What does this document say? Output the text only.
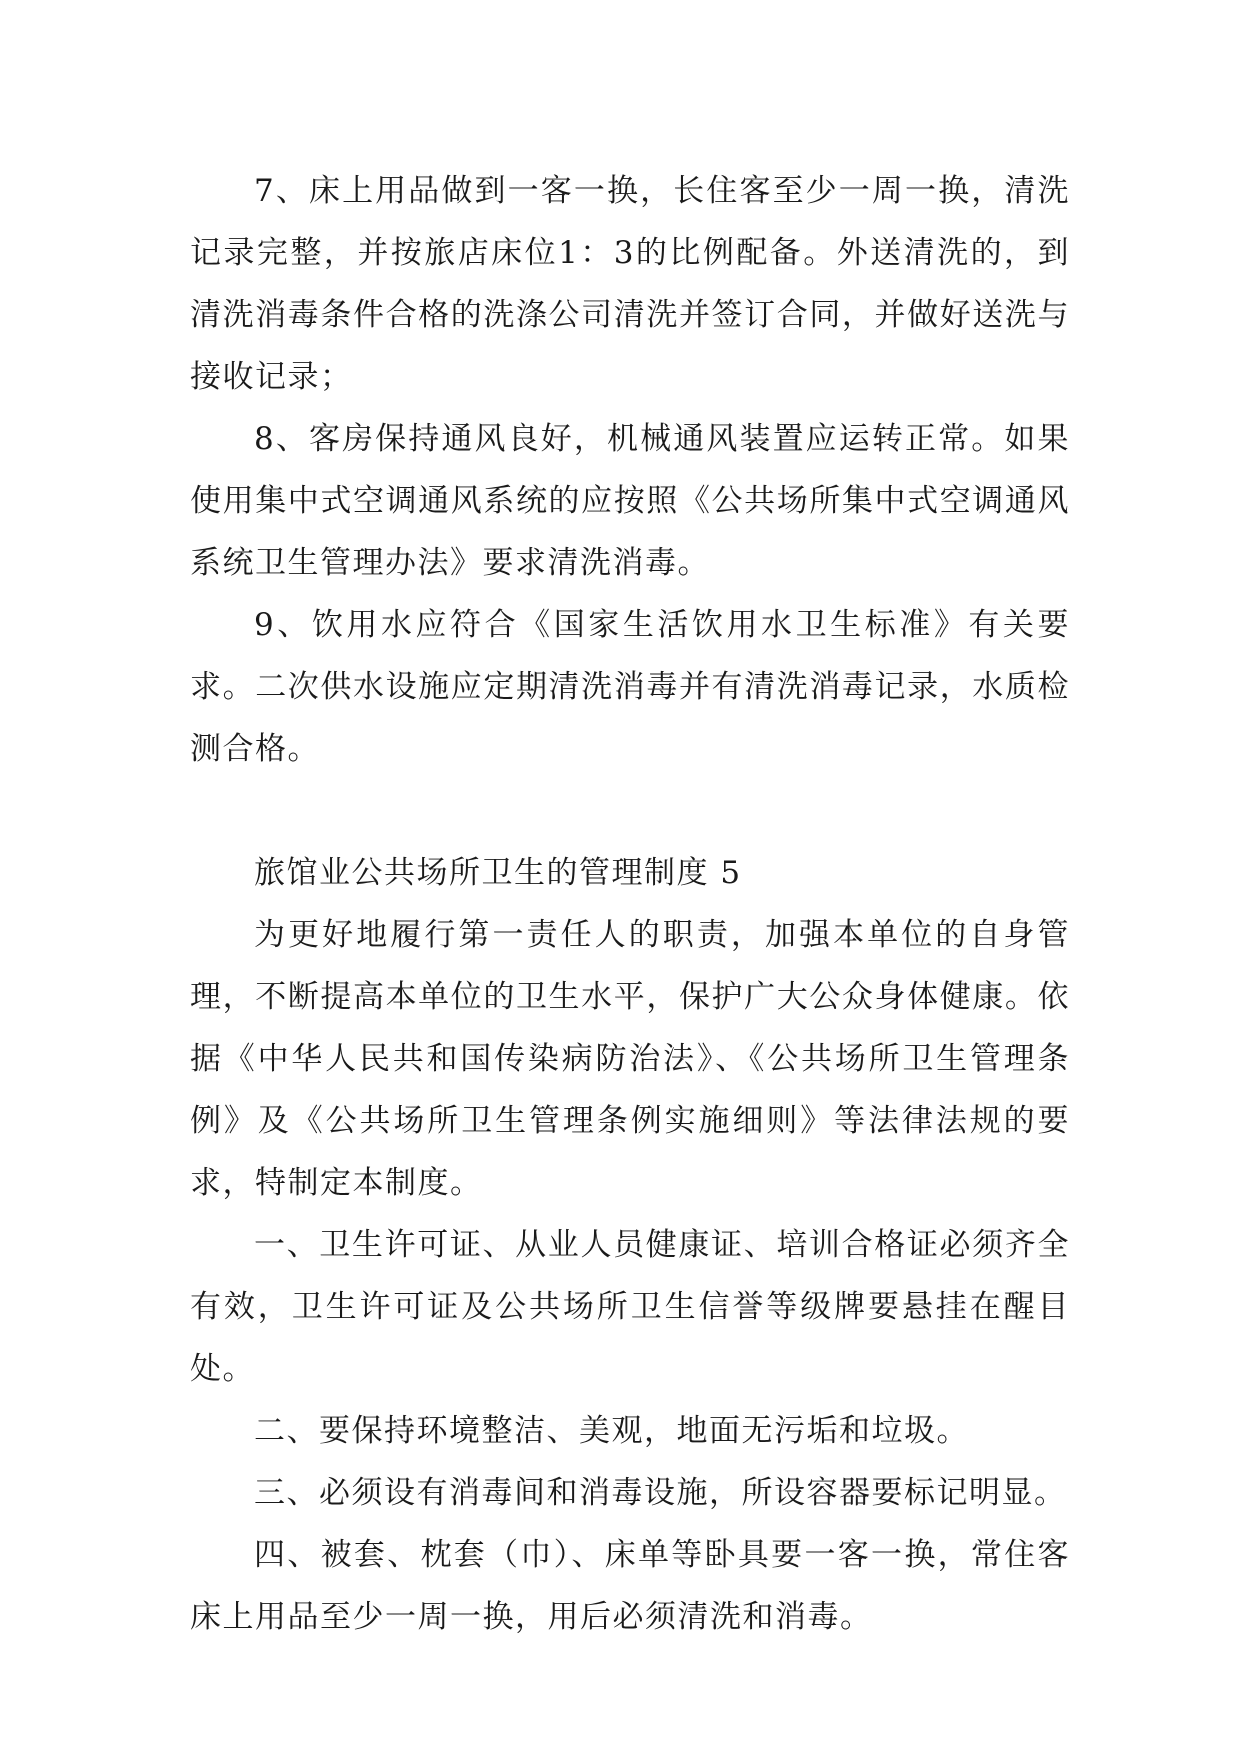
7、床上用品做到一客一换，长住客至少一周一换，清洗记录完整，并按旅店床位1：3的比例配备。外送清洗的，到清洗消毒条件合格的洗涤公司清洗并签订合同，并做好送洗与接收记录；

8、客房保持通风良好，机械通风装置应运转正常。如果使用集中式空调通风系统的应按照《公共场所集中式空调通风系统卫生管理办法》要求清洗消毒。

9、饮用水应符合《国家生活饮用水卫生标准》有关要求。二次供水设施应定期清洗消毒并有清洗消毒记录，水质检测合格。

旅馆业公共场所卫生的管理制度 5

为更好地履行第一责任人的职责，加强本单位的自身管理，不断提高本单位的卫生水平，保护广大公众身体健康。依据《中华人民共和国传染病防治法》、《公共场所卫生管理条例》及《公共场所卫生管理条例实施细则》等法律法规的要求，特制定本制度。

一、卫生许可证、从业人员健康证、培训合格证必须齐全有效，卫生许可证及公共场所卫生信誉等级牌要悬挂在醒目处。

二、要保持环境整洁、美观，地面无污垢和垃圾。

三、必须设有消毒间和消毒设施，所设容器要标记明显。

四、被套、枕套（巾）、床单等卧具要一客一换，常住客床上用品至少一周一换，用后必须清洗和消毒。
